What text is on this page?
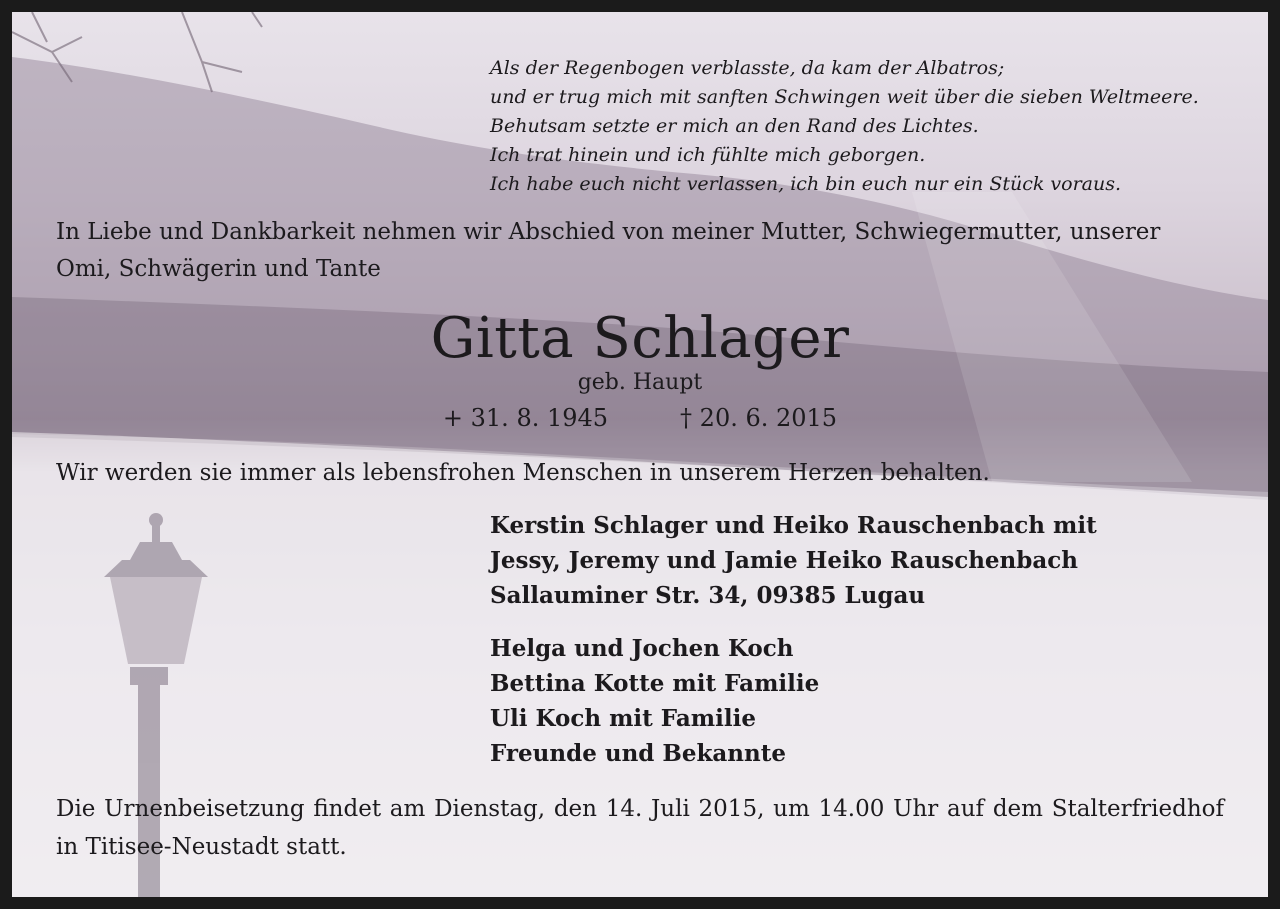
Als der Regenbogen verblasste, da kam der Albatros;
und er trug mich mit sanften Schwingen weit über die sieben Weltmeere.
Behutsam setzte er mich an den Rand des Lichtes.
Ich trat hinein und ich fühlte mich geborgen.
Ich habe euch nicht verlassen, ich bin euch nur ein Stück voraus.
In Liebe und Dankbarkeit nehmen wir Abschied von meiner Mutter, Schwiegermutter, unserer
Omi, Schwägerin und Tante
Gitta Schlager
geb. Haupt
+ 31. 8. 1945	† 20. 6. 2015
Wir werden sie immer als lebensfrohen Menschen in unserem Herzen behalten.
Kerstin Schlager und Heiko Rauschenbach mit
Jessy, Jeremy und Jamie Heiko Rauschenbach
Sallauminer Str. 34, 09385 Lugau
Helga und Jochen Koch
Bettina Kotte mit Familie
Uli Koch mit Familie
Freunde und Bekannte
Die Urnenbeisetzung findet am Dienstag, den 14. Juli 2015, um 14.00 Uhr auf dem Stalterfriedhof in Titisee-Neustadt statt.
